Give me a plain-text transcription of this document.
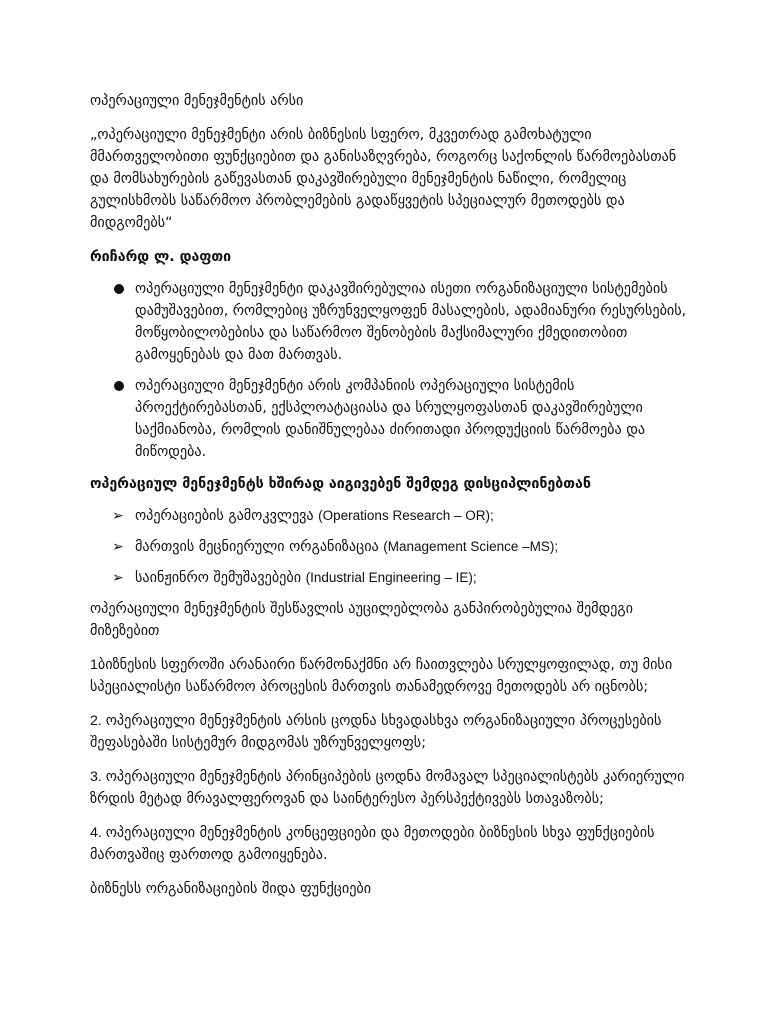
ოპერაციული მენეჯმენტის არსი

„ოპერაციული მენეჯმენტი არის ბიზნესის სფერო, მკვეთრად გამოხატული მმართველობითი ფუნქციებით და განისაზღვრება, როგორც საქონლის წარმოებასთან და მომსახურების გაწევასთან დაკავშირებული მენეჯმენტის ნაწილი, რომელიც გულისხმობს საწარმოო პრობლემების გადაწყვეტის სპეციალურ მეთოდებს და მიდგომებს“

რიჩარდ ლ. დაფთი

ოპერაციული მენეჯმენტი დაკავშირებულია ისეთი ორგანიზაციული სისტემების დამუშავებით, რომლებიც უზრუნველყოფენ მასალების, ადამიანური რესურსების, მოწყობილობებისა და საწარმოო შენობების მაქსიმალური ქმედითობით გამოყენებას და მათ მართვას.
ოპერაციული მენეჯმენტი არის კომპანიის ოპერაციული სისტემის პროექტირებასთან, ექსპლოატაციასა და სრულყოფასთან დაკავშირებული საქმიანობა, რომლის დანიშნულებაა ძირითადი პროდუქციის წარმოება და მიწოდება.

ოპერაციულ მენეჯმენტს ხშირად აიგივებენ შემდეგ დისციპლინებთან

➢ ოპერაციების გამოკვლევა (Operations Research – OR);
➢ მართვის მეცნიერული ორგანიზაცია (Management Science –MS);
➢ საინჟინრო შემუშავებები (Industrial Engineering – IE);

ოპერაციული მენეჯმენტის შესწავლის აუცილებლობა განპირობებულია შემდეგი მიზეზებით

1ბიზნესის სფეროში არანაირი წარმონაქმნი არ ჩაითვლება სრულყოფილად, თუ მისი სპეციალისტი საწარმოო პროცესის მართვის თანამედროვე მეთოდებს არ იცნობს;

2. ოპერაციული მენეჯმენტის არსის ცოდნა სხვადასხვა ორგანიზაციული პროცესების შეფასებაში სისტემურ მიდგომას უზრუნველყოფს;

3. ოპერაციული მენეჯმენტის პრინციპების ცოდნა მომავალ სპეციალისტებს კარიერული ზრდის მეტად მრავალფეროვან და საინტერესო პერსპექტივებს სთავაზობს;

4. ოპერაციული მენეჯმენტის კონცეფციები და მეთოდები ბიზნესის სხვა ფუნქციების მართვაშიც ფართოდ გამოიყენება.

ბიზნესს ორგანიზაციების შიდა ფუნქციები
